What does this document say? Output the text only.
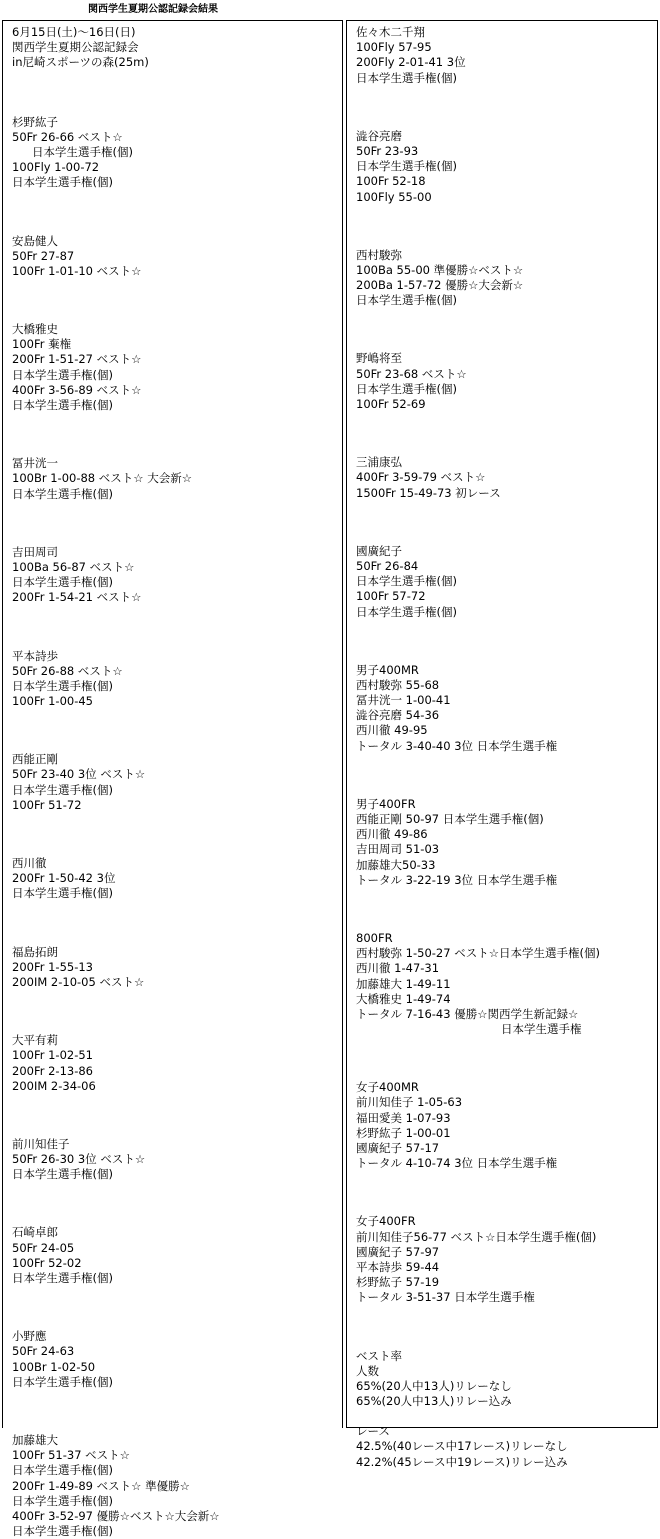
関西学生夏期公認記録会結果
6月15日(土)〜16日(日)
関西学生夏期公認記録会
in尼崎スポーツの森(25m)
杉野紘子
50Fr 26-66 ベスト☆
日本学生選手権(個)
100Fly 1-00-72
日本学生選手権(個)
安島健人
50Fr 27-87
100Fr 1-01-10 ベスト☆
大橋雅史
100Fr 棄権
200Fr 1-51-27 ベスト☆
日本学生選手権(個)
400Fr 3-56-89 ベスト☆
日本学生選手権(個)
冨井洸一
100Br 1-00-88 ベスト☆ 大会新☆
日本学生選手権(個)
吉田周司
100Ba 56-87 ベスト☆
日本学生選手権(個)
200Fr 1-54-21 ベスト☆
平本詩歩
50Fr 26-88 ベスト☆
日本学生選手権(個)
100Fr 1-00-45
西能正剛
50Fr 23-40 3位 ベスト☆
日本学生選手権(個)
100Fr 51-72
西川徹
200Fr 1-50-42 3位
日本学生選手権(個)
福島拓朗
200Fr 1-55-13
200IM 2-10-05 ベスト☆
大平有莉
100Fr 1-02-51
200Fr 2-13-86
200IM 2-34-06
前川知佳子
50Fr 26-30 3位 ベスト☆
日本学生選手権(個)
石崎卓郎
50Fr 24-05
100Fr 52-02
日本学生選手権(個)
小野應
50Fr 24-63
100Br 1-02-50
日本学生選手権(個)
加藤雄大
100Fr 51-37 ベスト☆
日本学生選手権(個)
200Fr 1-49-89 ベスト☆ 準優勝☆
日本学生選手権(個)
400Fr 3-52-97 優勝☆ベスト☆大会新☆
日本学生選手権(個)
佐々木二千翔
100Fly 57-95
200Fly 2-01-41 3位
日本学生選手権(個)
澁谷亮磨
50Fr 23-93
日本学生選手権(個)
100Fr 52-18
100Fly 55-00
西村駿弥
100Ba 55-00 準優勝☆ベスト☆
200Ba 1-57-72 優勝☆大会新☆
日本学生選手権(個)
野嶋将至
50Fr 23-68 ベスト☆
日本学生選手権(個)
100Fr 52-69
三浦康弘
400Fr 3-59-79 ベスト☆
1500Fr 15-49-73 初レース
國廣紀子
50Fr 26-84
日本学生選手権(個)
100Fr 57-72
日本学生選手権(個)
男子400MR
西村駿弥 55-68
冨井洸一 1-00-41
澁谷亮磨 54-36
西川徹 49-95
トータル 3-40-40 3位 日本学生選手権
男子400FR
西能正剛 50-97 日本学生選手権(個)
西川徹 49-86
吉田周司 51-03
加藤雄大50-33
トータル 3-22-19 3位 日本学生選手権
800FR
西村駿弥 1-50-27 ベスト☆日本学生選手権(個)
西川徹 1-47-31
加藤雄大 1-49-11
大橋雅史 1-49-74
トータル 7-16-43 優勝☆関西学生新記録☆
日本学生選手権
女子400MR
前川知佳子 1-05-63
福田愛美 1-07-93
杉野紘子 1-00-01
國廣紀子 57-17
トータル 4-10-74 3位 日本学生選手権
女子400FR
前川知佳子56-77 ベスト☆日本学生選手権(個)
國廣紀子 57-97
平本詩歩 59-44
杉野紘子 57-19
トータル 3-51-37 日本学生選手権
ベスト率
人数
65%(20人中13人)リレーなし
65%(20人中13人)リレー込み
レース
42.5%(40レース中17レース)リレーなし
42.2%(45レース中19レース)リレー込み
